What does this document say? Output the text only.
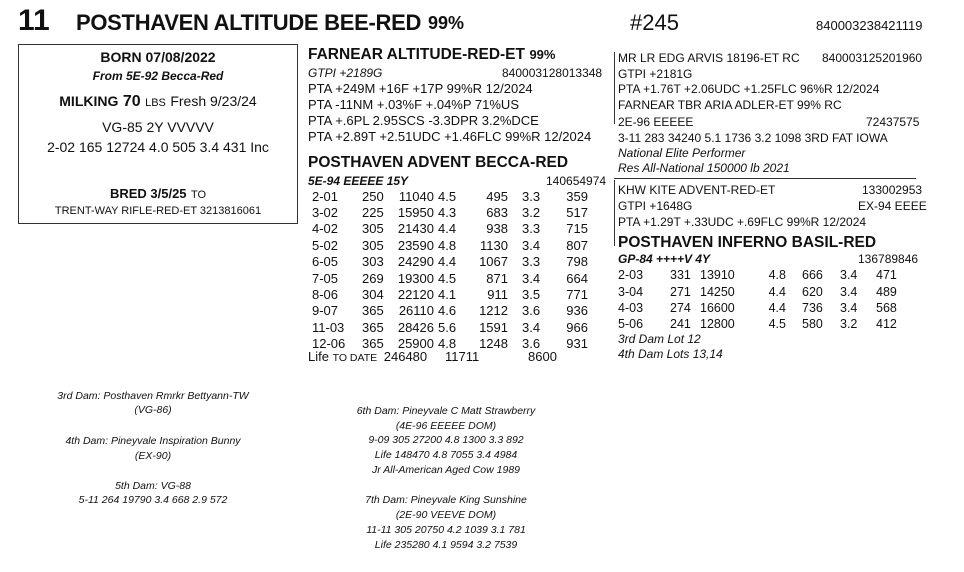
11 POSTHAVEN ALTITUDE BEE-RED 99%	#245	840003238421119
BORN 07/08/2022
From 5E-92 Becca-Red
MILKING 70 LBS Fresh 9/23/24
VG-85 2Y VVVVV
2-02 165 12724 4.0 505 3.4 431 Inc
BRED 3/5/25 TO
TRENT-WAY RIFLE-RED-ET 3213816061
FARNEAR ALTITUDE-RED-ET 99%
GTPI +2189G	840003128013348
PTA +249M +16F +17P 99%R 12/2024
PTA -11NM +.03%F +.04%P 71%US
PTA +.6PL 2.95SCS -3.3DPR 3.2%DCE
PTA +2.89T +2.51UDC +1.46FLC 99%R 12/2024
POSTHAVEN ADVENT BECCA-RED
5E-94 EEEEE 15Y	140654974
2-01	250	11040	4.5	495	3.3	359
3-02	225	15950	4.3	683	3.2	517
4-02	305	21430	4.4	938	3.3	715
5-02	305	23590	4.8	1130	3.4	807
6-05	303	24290	4.4	1067	3.3	798
7-05	269	19300	4.5	871	3.4	664
8-06	304	22120	4.1	911	3.5	771
9-07	365	26110	4.6	1212	3.6	936
11-03	365	28426	5.6	1591	3.4	966
12-06	365	25900	4.8	1248	3.6	931
Life TO DATE 246480 11711	8600
MR LR EDG ARVIS 18196-ET RC 840003125201960
GTPI +2181G
PTA +1.76T +2.06UDC +1.25FLC 96%R 12/2024
FARNEAR TBR ARIA ADLER-ET 99% RC
2E-96 EEEEE	72437575
3-11 283 34240 5.1 1736 3.2 1098 3RD FAT IOWA
National Elite Performer
Res All-National 150000 lb 2021
KHW KITE ADVENT-RED-ET	133002953
GTPI +1648G	EX-94 EEEE
PTA +1.29T +.33UDC +.69FLC 99%R 12/2024
POSTHAVEN INFERNO BASIL-RED
GP-84 ++++V 4Y	136789846
2-03	331	13910	4.8	666	3.4	471
3-04	271	14250	4.4	620	3.4	489
4-03	274	16600	4.4	736	3.4	568
5-06	241	12800	4.5	580	3.2	412
3rd Dam Lot 12
4th Dam Lots 13,14
3rd Dam: Posthaven Rmrkr Bettyann-TW
(VG-86)
4th Dam: Pineyvale Inspiration Bunny
(EX-90)
5th Dam: VG-88
5-11 264 19790 3.4 668 2.9 572
6th Dam: Pineyvale C Matt Strawberry
(4E-96 EEEEE DOM)
9-09 305 27200 4.8 1300 3.3 892
Life 148470 4.8 7055 3.4 4984
Jr All-American Aged Cow 1989
7th Dam: Pineyvale King Sunshine
(2E-90 VEEVE DOM)
11-11 305 20750 4.2 1039 3.1 781
Life 235280 4.1 9594 3.2 7539
